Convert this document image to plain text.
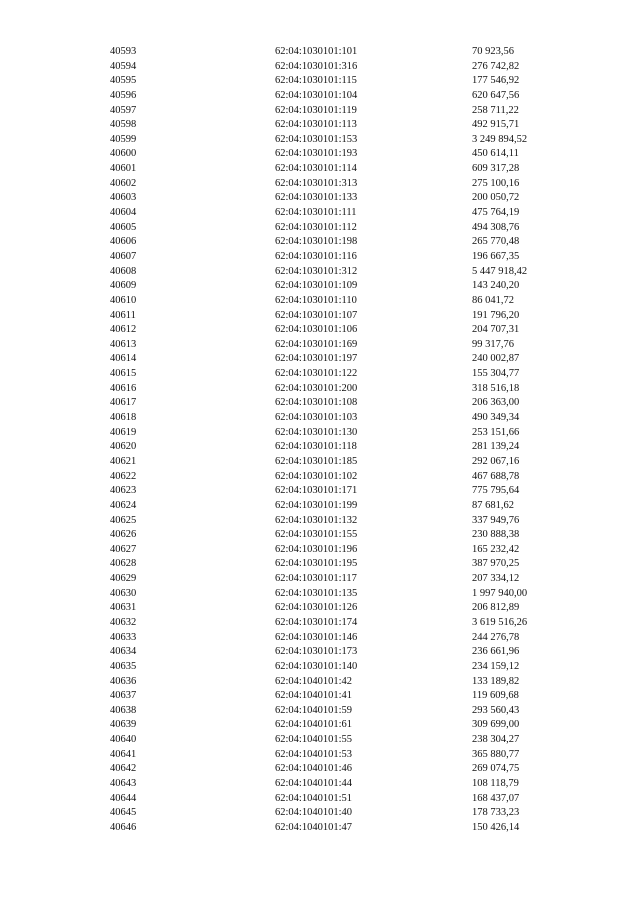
40593	62:04:1030101:101	70 923,56
40594	62:04:1030101:316	276 742,82
40595	62:04:1030101:115	177 546,92
40596	62:04:1030101:104	620 647,56
40597	62:04:1030101:119	258 711,22
40598	62:04:1030101:113	492 915,71
40599	62:04:1030101:153	3 249 894,52
40600	62:04:1030101:193	450 614,11
40601	62:04:1030101:114	609 317,28
40602	62:04:1030101:313	275 100,16
40603	62:04:1030101:133	200 050,72
40604	62:04:1030101:111	475 764,19
40605	62:04:1030101:112	494 308,76
40606	62:04:1030101:198	265 770,48
40607	62:04:1030101:116	196 667,35
40608	62:04:1030101:312	5 447 918,42
40609	62:04:1030101:109	143 240,20
40610	62:04:1030101:110	86 041,72
40611	62:04:1030101:107	191 796,20
40612	62:04:1030101:106	204 707,31
40613	62:04:1030101:169	99 317,76
40614	62:04:1030101:197	240 002,87
40615	62:04:1030101:122	155 304,77
40616	62:04:1030101:200	318 516,18
40617	62:04:1030101:108	206 363,00
40618	62:04:1030101:103	490 349,34
40619	62:04:1030101:130	253 151,66
40620	62:04:1030101:118	281 139,24
40621	62:04:1030101:185	292 067,16
40622	62:04:1030101:102	467 688,78
40623	62:04:1030101:171	775 795,64
40624	62:04:1030101:199	87 681,62
40625	62:04:1030101:132	337 949,76
40626	62:04:1030101:155	230 888,38
40627	62:04:1030101:196	165 232,42
40628	62:04:1030101:195	387 970,25
40629	62:04:1030101:117	207 334,12
40630	62:04:1030101:135	1 997 940,00
40631	62:04:1030101:126	206 812,89
40632	62:04:1030101:174	3 619 516,26
40633	62:04:1030101:146	244 276,78
40634	62:04:1030101:173	236 661,96
40635	62:04:1030101:140	234 159,12
40636	62:04:1040101:42	133 189,82
40637	62:04:1040101:41	119 609,68
40638	62:04:1040101:59	293 560,43
40639	62:04:1040101:61	309 699,00
40640	62:04:1040101:55	238 304,27
40641	62:04:1040101:53	365 880,77
40642	62:04:1040101:46	269 074,75
40643	62:04:1040101:44	108 118,79
40644	62:04:1040101:51	168 437,07
40645	62:04:1040101:40	178 733,23
40646	62:04:1040101:47	150 426,14
